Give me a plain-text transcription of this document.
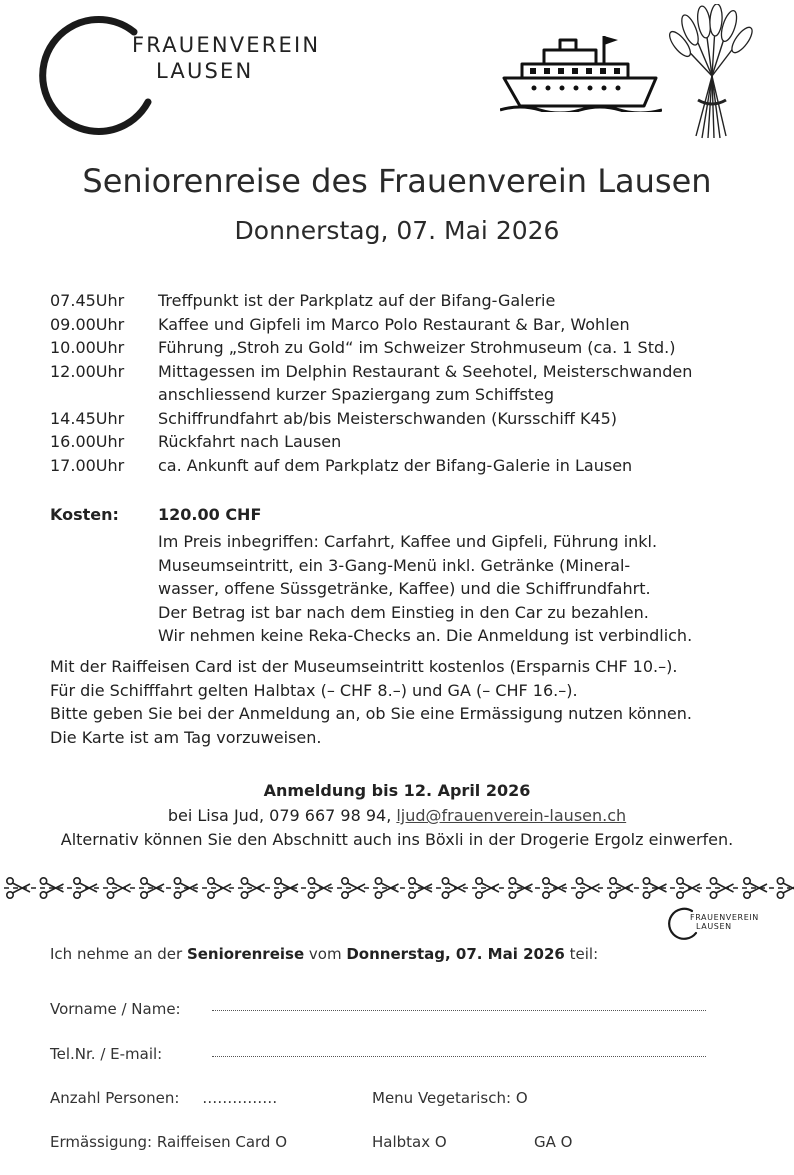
FRAUENVEREIN
LAUSEN
Seniorenreise des Frauenverein Lausen
Donnerstag, 07. Mai 2026
07.45Uhr Treffpunkt ist der Parkplatz auf der Bifang-Galerie
09.00Uhr Kaffee und Gipfeli im Marco Polo Restaurant & Bar, Wohlen
10.00Uhr Führung „Stroh zu Gold“ im Schweizer Strohmuseum (ca. 1 Std.)
12.00Uhr Mittagessen im Delphin Restaurant & Seehotel, Meisterschwanden
anschliessend kurzer Spaziergang zum Schiffsteg
14.45Uhr Schiffrundfahrt ab/bis Meisterschwanden (Kursschiff K45)
16.00Uhr Rückfahrt nach Lausen
17.00Uhr ca. Ankunft auf dem Parkplatz der Bifang-Galerie in Lausen
Kosten: 120.00 CHF
Im Preis inbegriffen: Carfahrt, Kaffee und Gipfeli, Führung inkl.
Museumseintritt, ein 3-Gang-Menü inkl. Getränke (Mineral-
wasser, offene Süssgetränke, Kaffee) und die Schiffrundfahrt.
Der Betrag ist bar nach dem Einstieg in den Car zu bezahlen.
Wir nehmen keine Reka-Checks an. Die Anmeldung ist verbindlich.
Mit der Raiffeisen Card ist der Museumseintritt kostenlos (Ersparnis CHF 10.–).
Für die Schifffahrt gelten Halbtax (– CHF 8.–) und GA (– CHF 16.–).
Bitte geben Sie bei der Anmeldung an, ob Sie eine Ermässigung nutzen können.
Die Karte ist am Tag vorzuweisen.
Anmeldung bis 12. April 2026
bei Lisa Jud, 079 667 98 94, ljud@frauenverein-lausen.ch
Alternativ können Sie den Abschnitt auch ins Böxli in der Drogerie Ergolz einwerfen.
FRAUENVEREIN
LAUSEN
Ich nehme an der Seniorenreise vom Donnerstag, 07. Mai 2026 teil:
Vorname / Name:
Tel.Nr. / E-mail:
Anzahl Personen: ……………	Menu Vegetarisch: O
Ermässigung: Raiffeisen Card O	Halbtax O	GA O
